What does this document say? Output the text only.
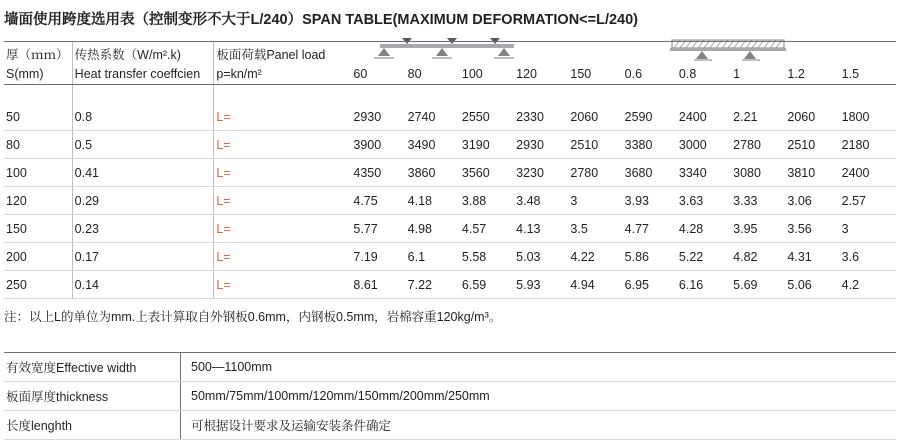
墙面使用跨度选用表（控制变形不大于L/240）SPAN TABLE(MAXIMUM DEFORMATION<=L/240)
厚（ｍｍ）	传热系数（W/m².k)	板面荷载Panel load										
S(mm)	Heat transfer coeffcien	p=kn/m²	60	80	100	120	150	0.6	0.8	1	1.2	1.5

50	0.8	L=	2930	2740	2550	2330	2060	2590	2400	2.21	2060	1800
80	0.5	L=	3900	3490	3190	2930	2510	3380	3000	2780	2510	2180
100	0.41	L=	4350	3860	3560	3230	2780	3680	3340	3080	3810	2400
120	0.29	L=	4.75	4.18	3.88	3.48	3	3.93	3.63	3.33	3.06	2.57
150	0.23	L=	5.77	4.98	4.57	4.13	3.5	4.77	4.28	3.95	3.56	3
200	0.17	L=	7.19	6.1	5.58	5.03	4.22	5.86	5.22	4.82	4.31	3.6
250	0.14	L=	8.61	7.22	6.59	5.93	4.94	6.95	6.16	5.69	5.06	4.2
注：以上L的单位为mm.上表计算取自外钢板0.6mm，内钢板0.5mm，岩棉容重120kg/m³。
有效宽度Effective width	500—1100mm
板面厚度thickness	50mm/75mm/100mm/120mm/150mm/200mm/250mm
长度lenghth	可根据设计要求及运输安装条件确定
